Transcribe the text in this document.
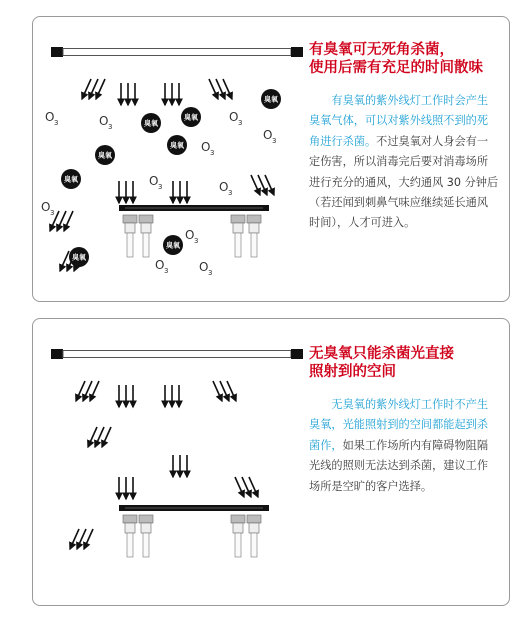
O 3	O 3
O 3
O 3
O 3
O 3	O 3
O 3
O 3
O 3	O 3
臭氧
臭氧
臭氧
臭氧
臭氧
臭氧
臭氧
臭氧
有臭氧可无死角杀菌，
使用后需有充足的时间散味
有臭氧的紫外线灯工作时会产生臭氧气体，可以对紫外线照不到的死角进行杀菌。不过臭氧对人身会有一定伤害，所以消毒完后要对消毒场所进行充分的通风，大约通风 30 分钟后（若还闻到刺鼻气味应继续延长通风时间），人才可进入。
无臭氧只能杀菌光直接
照射到的空间
无臭氧的紫外线灯工作时不产生臭氧，光能照射到的空间都能起到杀菌作，如果工作场所内有障碍物阻隔光线的照则无法达到杀菌，建议工作场所是空旷的客户选择。
